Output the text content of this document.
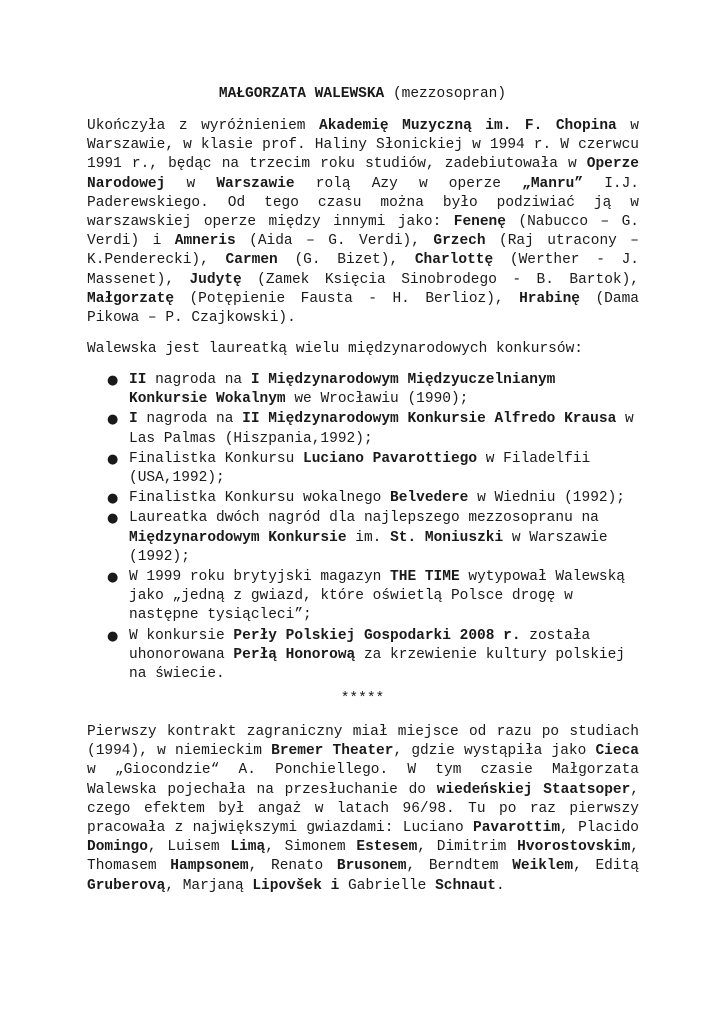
MAŁGORZATA WALEWSKA (mezzosopran)
Ukończyła z wyróżnieniem Akademię Muzyczną im. F. Chopina w Warszawie, w klasie prof. Haliny Słonickiej w 1994 r. W czerwcu 1991 r., będąc na trzecim roku studiów, zadebiutowała w Operze Narodowej w Warszawie rolą Azy w operze „Manru” I.J. Paderewskiego. Od tego czasu można było podziwiać ją w warszawskiej operze między innymi jako: Fenenę (Nabucco – G. Verdi) i Amneris (Aida – G. Verdi), Grzech (Raj utracony – K.Penderecki), Carmen (G. Bizet), Charlottę (Werther - J. Massenet), Judytę (Zamek Księcia Sinobrodego - B. Bartok), Małgorzatę (Potępienie Fausta - H. Berlioz), Hrabinę (Dama Pikowa – P. Czajkowski).
Walewska jest laureatką wielu międzynarodowych konkursów:
● II nagroda na I Międzynarodowym Międzyuczelnianym Konkursie Wokalnym we Wrocławiu (1990);
● I nagroda na II Międzynarodowym Konkursie Alfredo Krausa w Las Palmas (Hiszpania,1992);
● Finalistka Konkursu Luciano Pavarottiego w Filadelfii (USA,1992);
● Finalistka Konkursu wokalnego Belvedere w Wiedniu (1992);
● Laureatka dwóch nagród dla najlepszego mezzosopranu na Międzynarodowym Konkursie im. St. Moniuszki w Warszawie (1992);
● W 1999 roku brytyjski magazyn THE TIME wytypował Walewską jako „jedną z gwiazd, które oświetlą Polsce drogę w następne tysiącleci”;
● W konkursie Perły Polskiej Gospodarki 2008 r. została uhonorowana Perłą Honorową za krzewienie kultury polskiej na świecie.
*****
Pierwszy kontrakt zagraniczny miał miejsce od razu po studiach (1994), w niemieckim Bremer Theater, gdzie wystąpiła jako Cieca w „Giocondzie“ A. Ponchiellego. W tym czasie Małgorzata Walewska pojechała na przesłuchanie do wiedeńskiej Staatsoper, czego efektem był angaż w latach 96/98. Tu po raz pierwszy pracowała z największymi gwiazdami: Luciano Pavarottim, Placido Domingo, Luisem Limą, Simonem Estesem, Dimitrim Hvorostovskim, Thomasem Hampsonem, Renato Brusonem, Berndtem Weiklem, Editą Gruberovą, Marjaną Lipovšek i Gabrielle Schnaut.
